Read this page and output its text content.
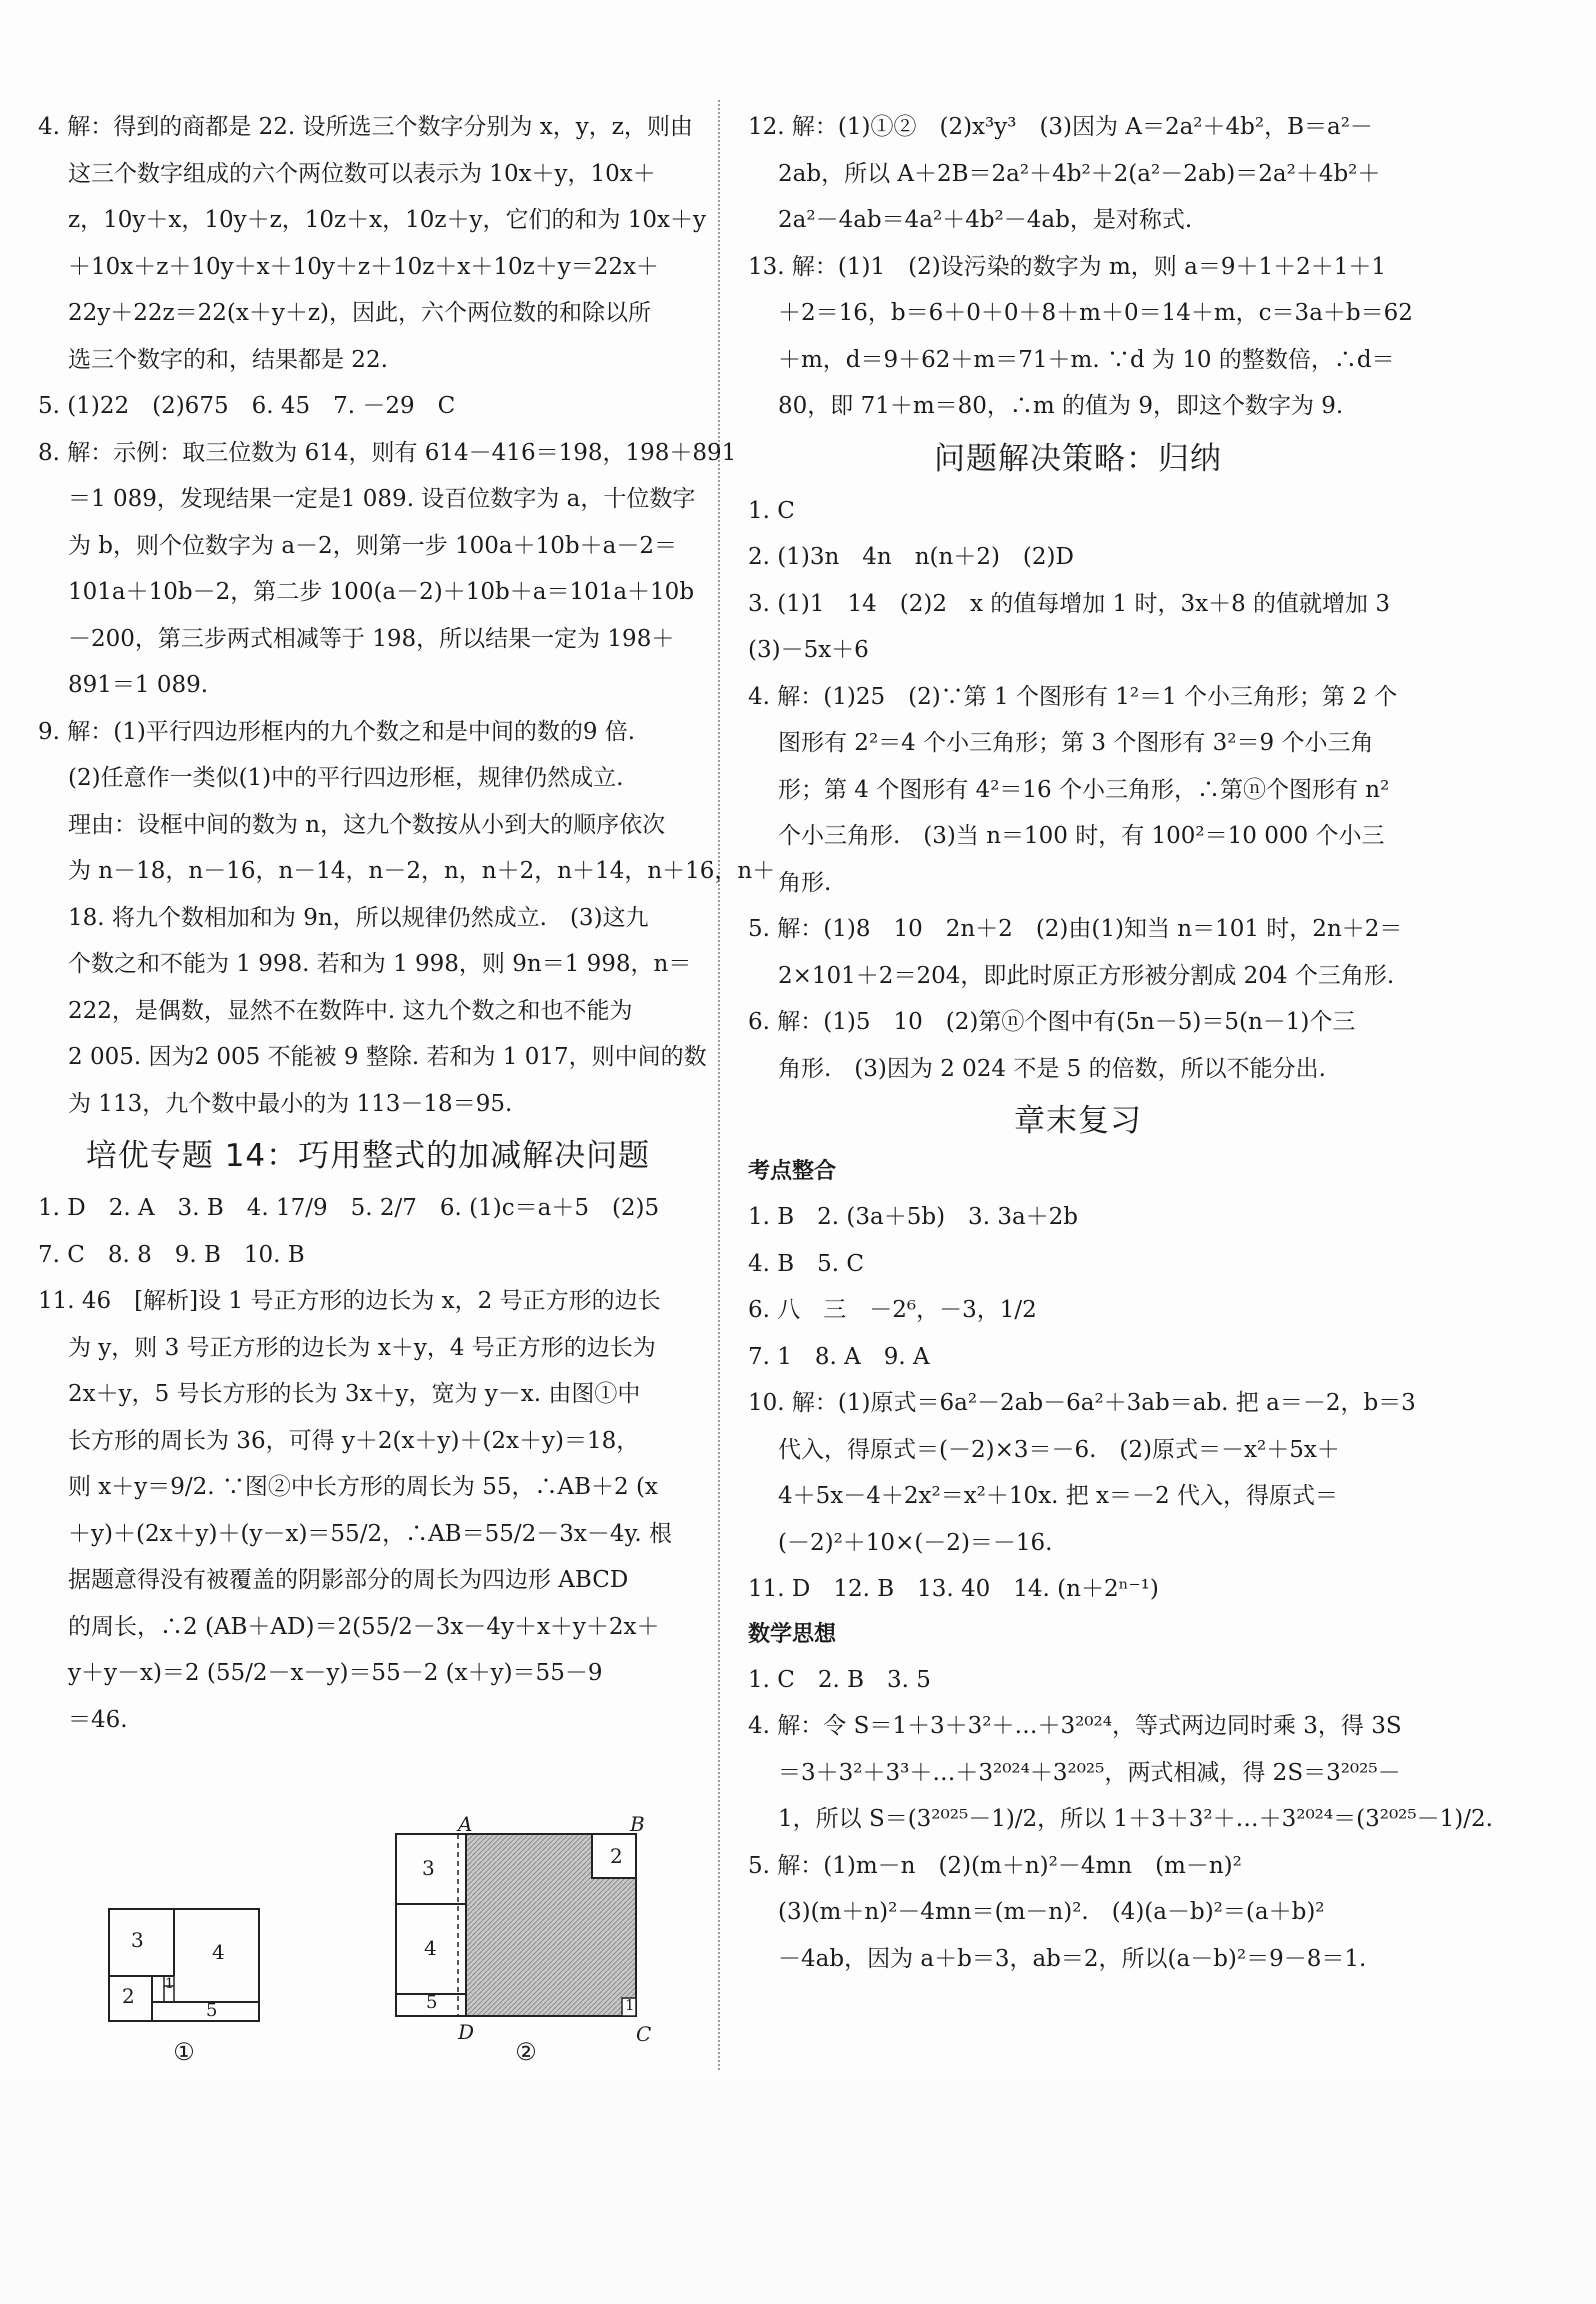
4. 解：得到的商都是 22. 设所选三个数字分别为 x，y，z，则由
这三个数字组成的六个两位数可以表示为 10x＋y，10x＋
z，10y＋x，10y＋z，10z＋x，10z＋y，它们的和为 10x＋y
＋10x＋z＋10y＋x＋10y＋z＋10z＋x＋10z＋y＝22x＋
22y＋22z＝22(x＋y＋z)，因此，六个两位数的和除以所
选三个数字的和，结果都是 22.
5. (1)22　(2)675　6. 45　7. －29　C
8. 解：示例：取三位数为 614，则有 614－416＝198，198＋891
＝1 089，发现结果一定是1 089. 设百位数字为 a，十位数字
为 b，则个位数字为 a－2，则第一步 100a＋10b＋a－2＝
101a＋10b－2，第二步 100(a－2)＋10b＋a＝101a＋10b
－200，第三步两式相减等于 198，所以结果一定为 198＋
891＝1 089.
9. 解：(1)平行四边形框内的九个数之和是中间的数的9 倍.
(2)任意作一类似(1)中的平行四边形框，规律仍然成立.
理由：设框中间的数为 n，这九个数按从小到大的顺序依次
为 n－18，n－16，n－14，n－2，n，n＋2，n＋14，n＋16，n＋
18. 将九个数相加和为 9n，所以规律仍然成立.　(3)这九
个数之和不能为 1 998. 若和为 1 998，则 9n＝1 998，n＝
222，是偶数，显然不在数阵中. 这九个数之和也不能为
2 005. 因为2 005 不能被 9 整除. 若和为 1 017，则中间的数
为 113，九个数中最小的为 113－18＝95.
培优专题 14：巧用整式的加减解决问题
1. D　2. A　3. B　4. 17/9　5. 2/7　6. (1)c＝a＋5　(2)5
7. C　8. 8　9. B　10. B
11. 46　[解析]设 1 号正方形的边长为 x，2 号正方形的边长
为 y，则 3 号正方形的边长为 x＋y，4 号正方形的边长为
2x＋y，5 号长方形的长为 3x＋y，宽为 y－x. 由图①中
长方形的周长为 36，可得 y＋2(x＋y)＋(2x＋y)＝18，
则 x＋y＝9/2. ∵图②中长方形的周长为 55，∴AB＋2 (x
＋y)＋(2x＋y)＋(y－x)＝55/2，∴AB＝55/2－3x－4y. 根
据题意得没有被覆盖的阴影部分的周长为四边形 ABCD
的周长，∴2 (AB＋AD)＝2(55/2－3x－4y＋x＋y＋2x＋
y＋y－x)＝2 (55/2－x－y)＝55－2 (x＋y)＝55－9
＝46.
3	4
2 1
5
①
A	B
3	2
4
5	1
D	C
②
12. 解：(1)①②　(2)x³y³　(3)因为 A＝2a²＋4b²，B＝a²－
2ab，所以 A＋2B＝2a²＋4b²＋2(a²－2ab)＝2a²＋4b²＋
2a²－4ab＝4a²＋4b²－4ab，是对称式.
13. 解：(1)1　(2)设污染的数字为 m，则 a＝9＋1＋2＋1＋1
＋2＝16，b＝6＋0＋0＋8＋m＋0＝14＋m，c＝3a＋b＝62
＋m，d＝9＋62＋m＝71＋m. ∵d 为 10 的整数倍，∴d＝
80，即 71＋m＝80，∴m 的值为 9，即这个数字为 9.
问题解决策略：归纳
1. C
2. (1)3n　4n　n(n＋2)　(2)D
3. (1)1　14　(2)2　x 的值每增加 1 时，3x＋8 的值就增加 3
(3)－5x＋6
4. 解：(1)25　(2)∵第 1 个图形有 1²＝1 个小三角形；第 2 个
图形有 2²＝4 个小三角形；第 3 个图形有 3²＝9 个小三角
形；第 4 个图形有 4²＝16 个小三角形，∴第ⓝ个图形有 n²
个小三角形.　(3)当 n＝100 时，有 100²＝10 000 个小三
角形.
5. 解：(1)8　10　2n＋2　(2)由(1)知当 n＝101 时，2n＋2＝
2×101＋2＝204，即此时原正方形被分割成 204 个三角形.
6. 解：(1)5　10　(2)第ⓝ个图中有(5n－5)＝5(n－1)个三
角形.　(3)因为 2 024 不是 5 的倍数，所以不能分出.
章末复习
考点整合
1. B　2. (3a＋5b)　3. 3a＋2b
4. B　5. C
6. 八　三　－2⁶，－3，1/2
7. 1　8. A　9. A
10. 解：(1)原式＝6a²－2ab－6a²＋3ab＝ab. 把 a＝－2，b＝3
代入，得原式＝(－2)×3＝－6.　(2)原式＝－x²＋5x＋
4＋5x－4＋2x²＝x²＋10x. 把 x＝－2 代入，得原式＝
(－2)²＋10×(－2)＝－16.
11. D　12. B　13. 40　14. (n＋2ⁿ⁻¹)
数学思想
1. C　2. B　3. 5
4. 解：令 S＝1＋3＋3²＋…＋3²⁰²⁴，等式两边同时乘 3，得 3S
＝3＋3²＋3³＋…＋3²⁰²⁴＋3²⁰²⁵，两式相减，得 2S＝3²⁰²⁵－
1，所以 S＝(3²⁰²⁵－1)/2，所以 1＋3＋3²＋…＋3²⁰²⁴＝(3²⁰²⁵－1)/2.
5. 解：(1)m－n　(2)(m＋n)²－4mn　(m－n)²
(3)(m＋n)²－4mn＝(m－n)².　(4)(a－b)²＝(a＋b)²
－4ab，因为 a＋b＝3，ab＝2，所以(a－b)²＝9－8＝1.
